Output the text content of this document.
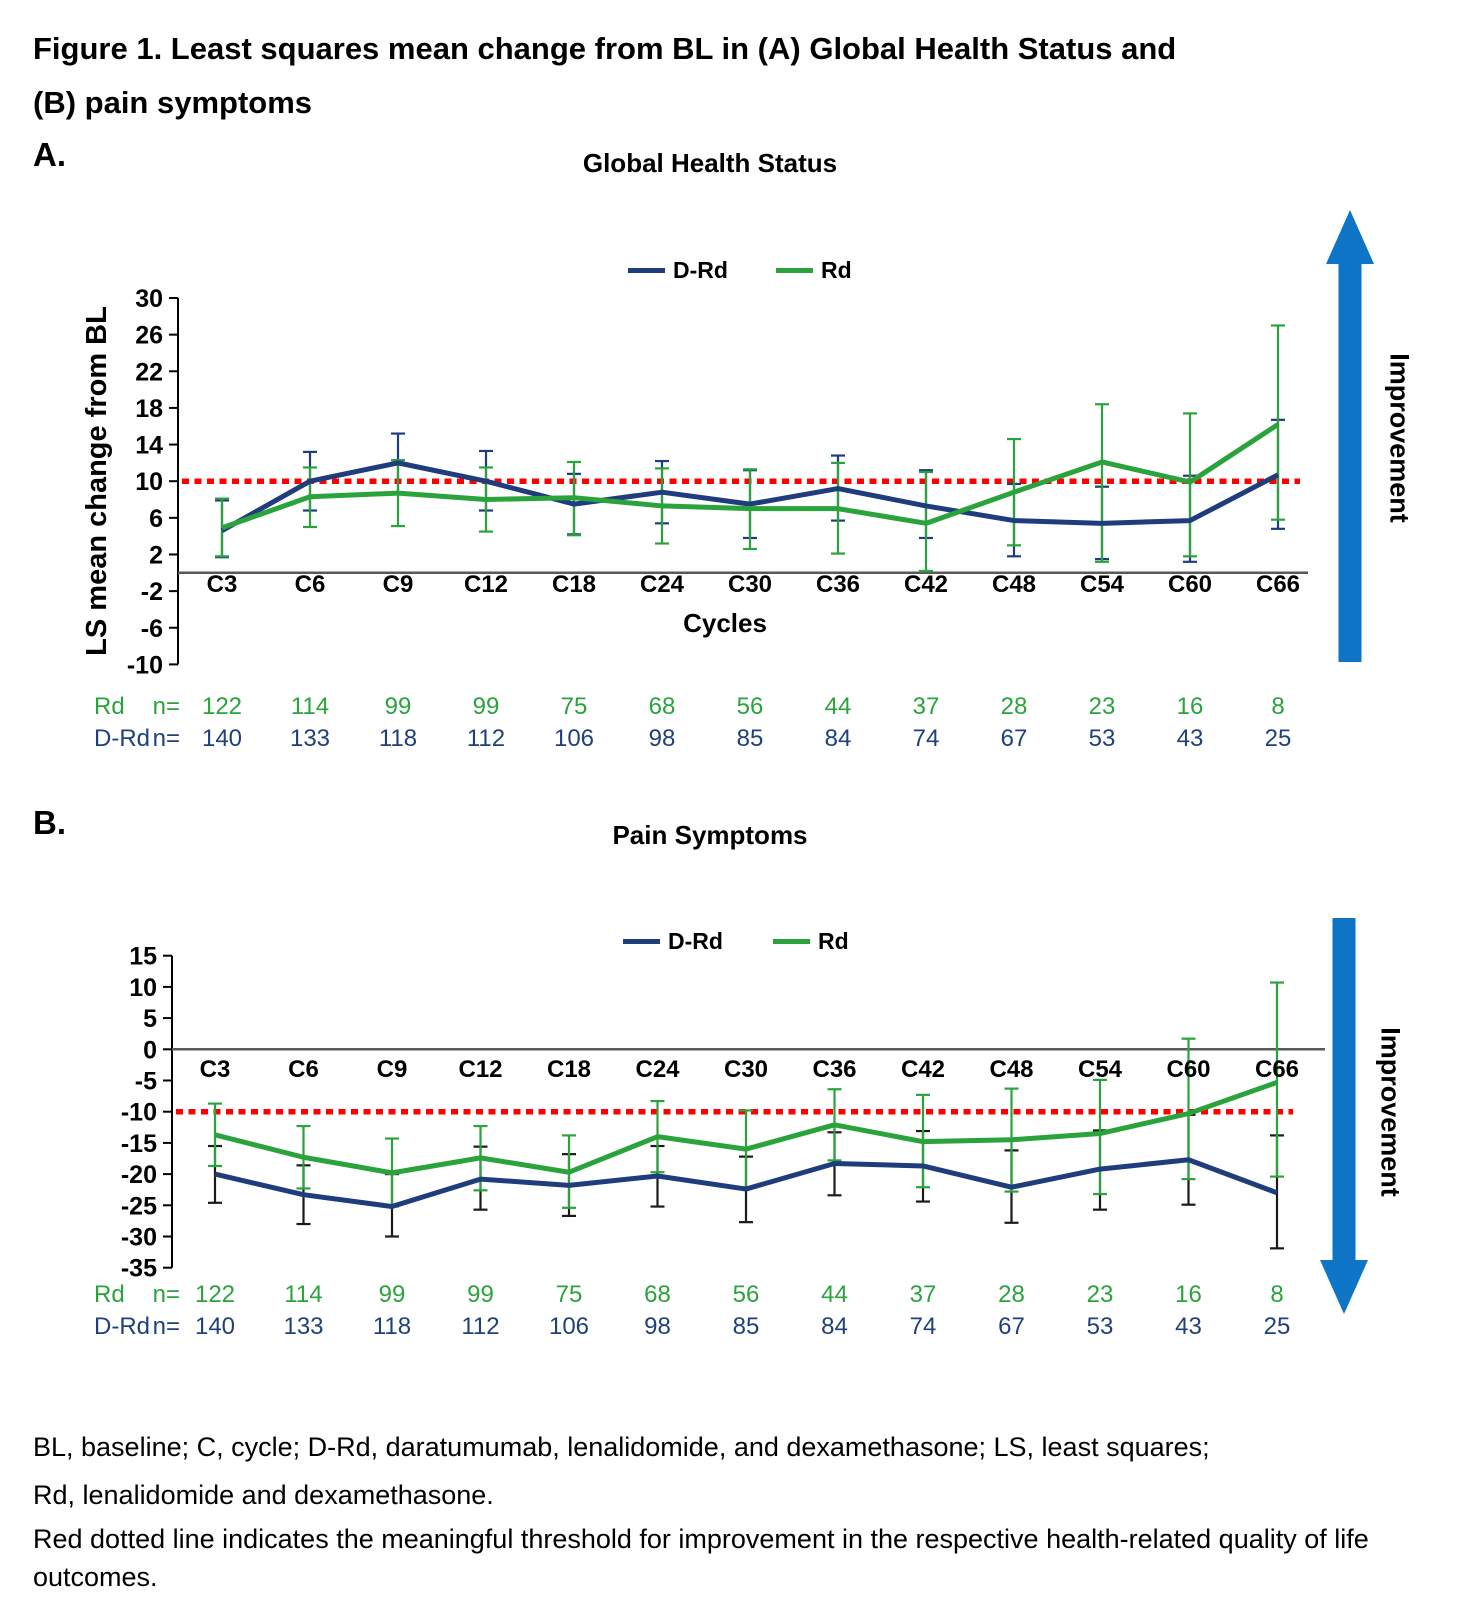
Figure 1. Least squares mean change from BL in (A) Global Health Status and
(B) pain symptoms
A.	Global Health Status
D-Rd	Rd
30
26
22
18
14
10
6
2
-2
-6
-10
C3 C6 C9 C12 C18 C24 C30 C36 C42 C48 C54 C60 C66
Cycles
LS mean change from BL
Rd n= 122	114	99	99	75	68	56	44	37	28	23	16	8
D-Rd n= 140	133	118	112	106	98	85	84	74	67	53	43	25
Improvement
B.	Pain Symptoms
D-Rd	Rd
15
10
5
0
-5
-10
-15
-20
-25
-30
-35
C3 C6 C9 C12 C18 C24 C30 C36 C42 C48 C54 C60 C66
Rd n= 122	114	99	99	75	68	56	44	37	28	23	16	8
D-Rd n= 140	133	118	112	106	98	85	84	74	67	53	43	25
Improvement
BL, baseline; C, cycle; D-Rd, daratumumab, lenalidomide, and dexamethasone; LS, least squares;
Rd, lenalidomide and dexamethasone.
Red dotted line indicates the meaningful threshold for improvement in the respective health-related quality of life
outcomes.
